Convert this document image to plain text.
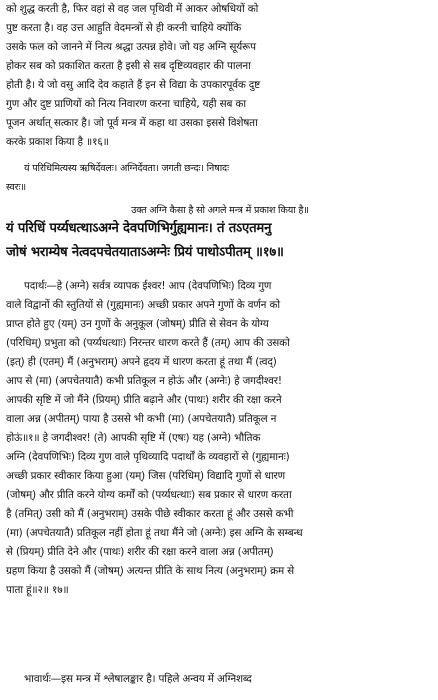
को शुद्ध करती है, फिर वहां से वह जल पृथिवी में आकर ओषधियों को
पुष्ट करता है। वह उत्त आहुति वेदमन्त्रों से ही करनी चाहिये क्योंकि
उसके फल को जानने में नित्य श्रद्धा उत्पन्न होवे। जो यह अग्नि सूर्यरूप
होकर सब को प्रकाशित करता है इसी से सब दृष्टिव्यवहार की पालना
होती है। ये जो वसु आदि देव कहाते हैं इन से विद्या के उपकारपूर्वक दुष्ट
गुण और दुष्ट प्राणियों को नित्य निवारण करना चाहिये, यही सब का
पूजन अर्थात् सत्कार है। जो पूर्व मन्त्र में कहा था उसका इससे विशेषता
करके प्रकाश किया है ॥१६॥
यं परिधिमित्यस्य ऋषिर्देवलः। अग्निर्देवता। जगती छन्दः। निषादः
स्वरः॥
उक्त अग्नि कैसा है सो अगले मन्त्र में प्रकाश किया है॥
यं परिधिं पर्य्यधत्थाऽअग्ने देवपणिभिर्गुह्यमानः। तं तऽएतमनु
जोषं भराम्येष नेत्वदपचेतयाताऽअग्नेः प्रियं पाथोऽपीतम् ॥१७॥
पदार्थः—हे (अग्ने) सर्वत्र व्यापक ईश्वर! आप (देवपणिभिः) दिव्य गुण
वाले विद्वानों की स्तुतियों से (गुह्यमानः) अच्छी प्रकार अपने गुणों के वर्णन को
प्राप्त होते हुए (यम्) उन गुणों के अनुकूल (जोषम्) प्रीति से सेवन के योग्य
(परिधिम्) प्रभुता को (पर्य्यधत्थाः) निरन्तर धारण करते हैं (तम्) आप की उसको
(इत्) ही (एतम्) मैं (अनुभराम्) अपने हृदय में धारण करता हूं तथा मैं (त्वद्)
आप से (मा) (अपचेतयातै) कभी प्रतिकूल न होऊं और (अग्नेः) हे जगदीश्वर!
आपकी सृष्टि में जो मैंने (प्रियम्) प्रीति बढ़ाने और (पाथः) शरीर की रक्षा करने
वाला अन्न (अपीतम्) पाया है उससे भी कभी (मा) (अपचेतयातै) प्रतिकूल न
होऊं॥१॥ हे जगदीश्वर! (ते) आपकी सृष्टि में (एषः) यह (अग्ने) भौतिक
अग्नि (देवपणिभिः) दिव्य गुण वाले पृथिव्यादि पदार्थों के व्यवहारों से (गुह्यमानः)
अच्छी प्रकार स्वीकार किया हुआ (यम्) जिस (परिधिम्) विद्यादि गुणों से धारण
(जोषम्) और प्रीति करने योग्य कर्मों को (पर्य्यधत्थाः) सब प्रकार से धारण करता
है (तमित्) उसी को मैं (अनुभराम्) उसके पीछे स्वीकार करता हूं और उससे कभी
(मा) (अपचेतयातै) प्रतिकूल नहीं होता हूं तथा मैंने जो (अग्नेः) इस अग्नि के सम्बन्ध
से (प्रियम्) प्रीति देने और (पाथः) शरीर की रक्षा करने वाला अन्न (अपीतम्)
ग्रहण किया है उसको मैं (जोषम्) अत्यन्त प्रीति के साथ नित्य (अनुभराम्) क्रम से
पाता हूं॥२॥ १७॥
भावार्थः—इस मन्त्र में श्लेषालङ्कार है। पहिले अन्वय में अग्निशब्द
